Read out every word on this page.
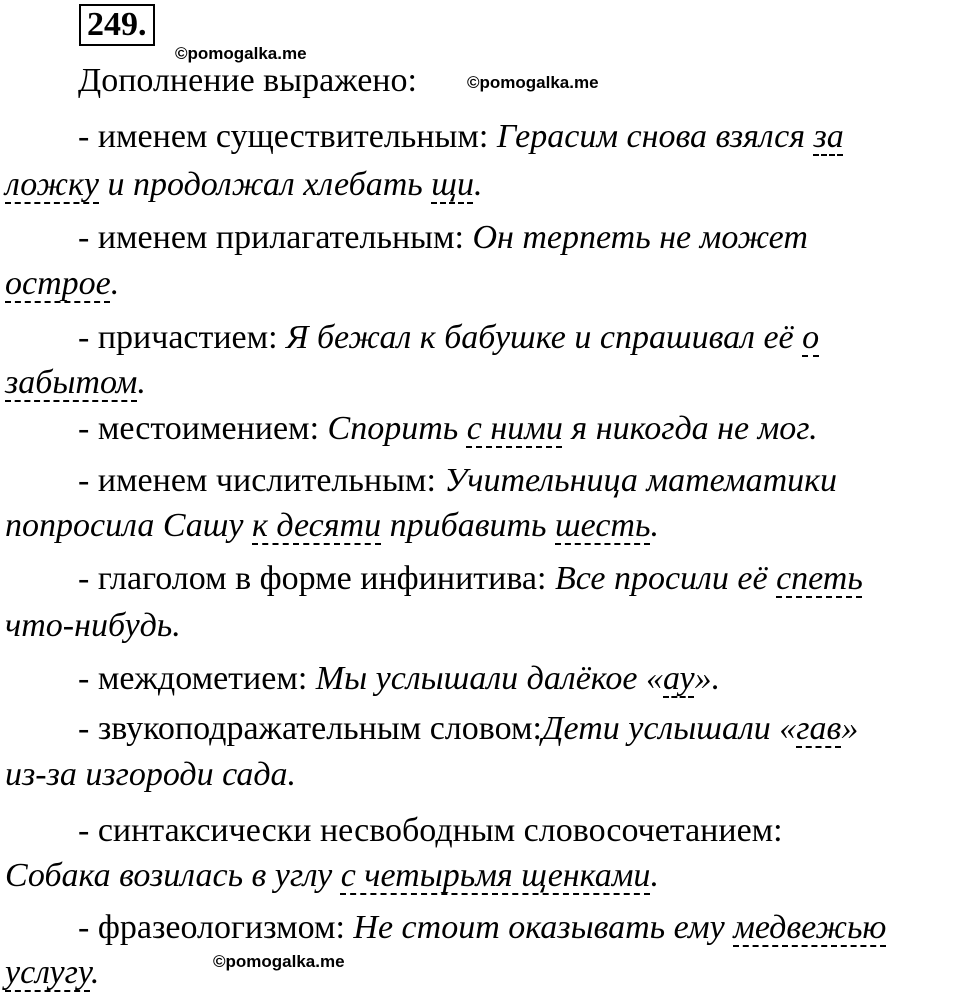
249.
©pomogalka.me
©pomogalka.me
©pomogalka.me

Дополнение выражено:

- именем существительным: Герасим снова взялся за

ложку и продолжал хлебать щи.

- именем прилагательным: Он терпеть не может

острое.

- причастием: Я бежал к бабушке и спрашивал её о

забытом.

- местоимением: Спорить с ними я никогда не мог.

- именем числительным: Учительница математики

попросила Сашу к десяти прибавить шесть.

- глаголом в форме инфинитива: Все просили её спеть

что-нибудь.

- междометием: Мы услышали далёкое «ау».

- звукоподражательным словом:Дети услышали «гав»

из-за изгороди сада.

- синтаксически несвободным словосочетанием:

Собака возилась в углу с четырьмя щенками.

- фразеологизмом: Не стоит оказывать ему медвежью

услугу.
